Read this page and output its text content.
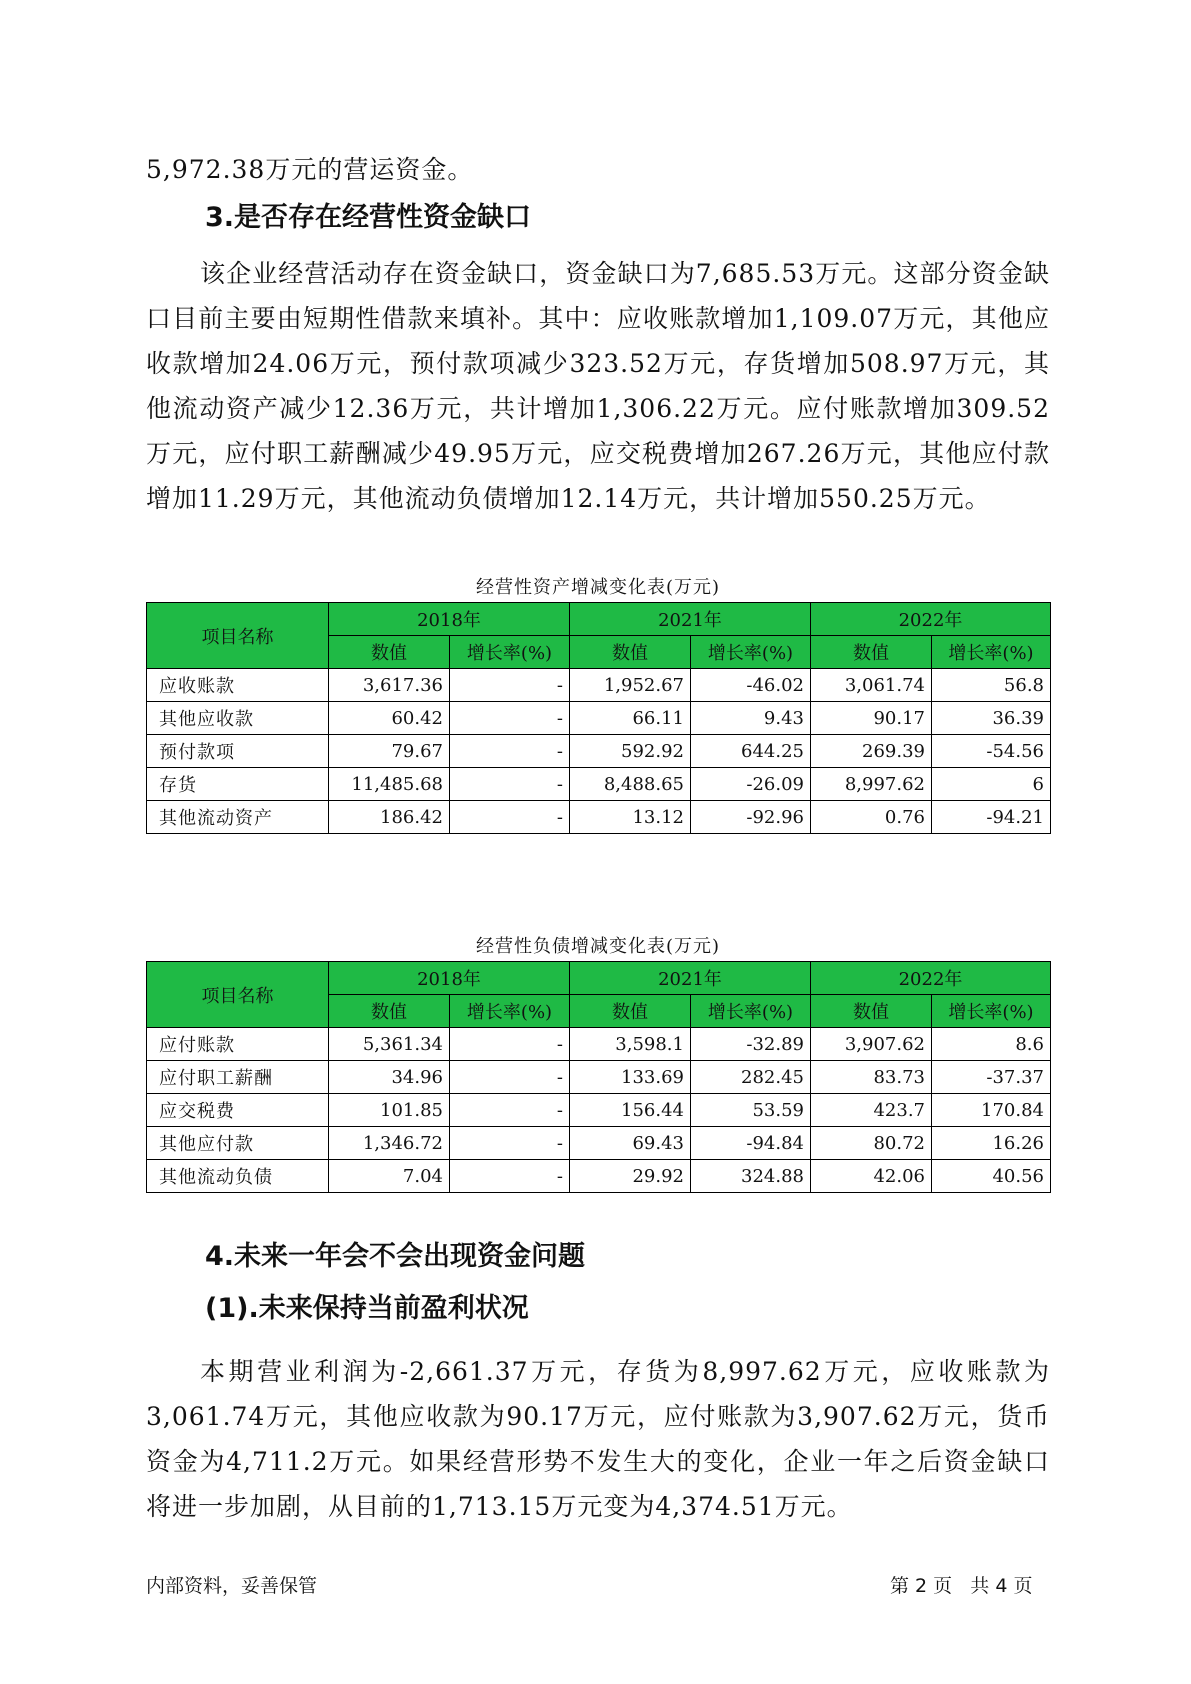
5,972.38万元的营运资金。

3.是否存在经营性资金缺口

该企业经营活动存在资金缺口，资金缺口为7,685.53万元。这部分资金缺口目前主要由短期性借款来填补。其中：应收账款增加1,109.07万元，其他应收款增加24.06万元，预付款项减少323.52万元，存货增加508.97万元，其他流动资产减少12.36万元，共计增加1,306.22万元。应付账款增加309.52万元，应付职工薪酬减少49.95万元，应交税费增加267.26万元，其他应付款增加11.29万元，其他流动负债增加12.14万元，共计增加550.25万元。

经营性资产增减变化表(万元)
项目名称	2018年		2021年		2022年	
	数值	增长率(%)	数值	增长率(%)	数值	增长率(%)
应收账款	3,617.36	-	1,952.67	-46.02	3,061.74	56.8
其他应收款	60.42	-	66.11	9.43	90.17	36.39
预付款项	79.67	-	592.92	644.25	269.39	-54.56
存货	11,485.68	-	8,488.65	-26.09	8,997.62	6
其他流动资产	186.42	-	13.12	-92.96	0.76	-94.21
经营性负债增减变化表(万元)
项目名称	2018年		2021年		2022年	
	数值	增长率(%)	数值	增长率(%)	数值	增长率(%)
应付账款	5,361.34	-	3,598.1	-32.89	3,907.62	8.6
应付职工薪酬	34.96	-	133.69	282.45	83.73	-37.37
应交税费	101.85	-	156.44	53.59	423.7	170.84
其他应付款	1,346.72	-	69.43	-94.84	80.72	16.26
其他流动负债	7.04	-	29.92	324.88	42.06	40.56
4.未来一年会不会出现资金问题
(1).未来保持当前盈利状况

本期营业利润为-2,661.37万元，存货为8,997.62万元，应收账款为3,061.74万元，其他应收款为90.17万元，应付账款为3,907.62万元，货币资金为4,711.2万元。如果经营形势不发生大的变化，企业一年之后资金缺口将进一步加剧，从目前的1,713.15万元变为4,374.51万元。

内部资料，妥善保管	第 2 页 共 4 页
